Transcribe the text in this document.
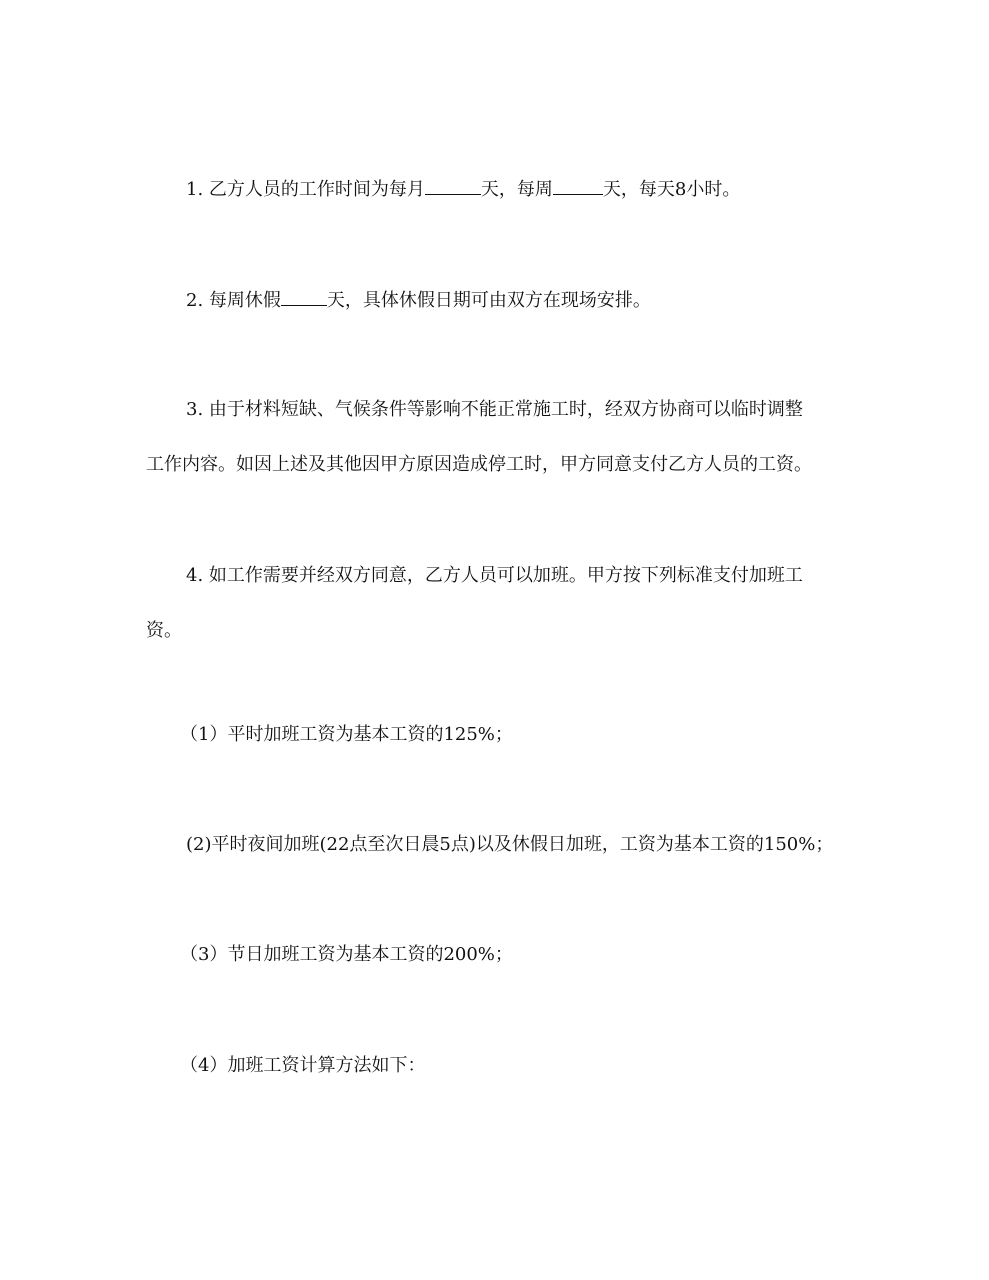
1. 乙方人员的工作时间为每月	天，每周	天，每天8小时。
2. 每周休假	天，具体休假日期可由双方在现场安排。
3. 由于材料短缺、气候条件等影响不能正常施工时，经双方协商可以临时调整
工作内容。如因上述及其他因甲方原因造成停工时，甲方同意支付乙方人员的工资。
4. 如工作需要并经双方同意，乙方人员可以加班。甲方按下列标准支付加班工
资。
（1）平时加班工资为基本工资的125%；
(2)平时夜间加班(22点至次日晨5点)以及休假日加班，工资为基本工资的150%；
（3）节日加班工资为基本工资的200%；
（4）加班工资计算方法如下：
